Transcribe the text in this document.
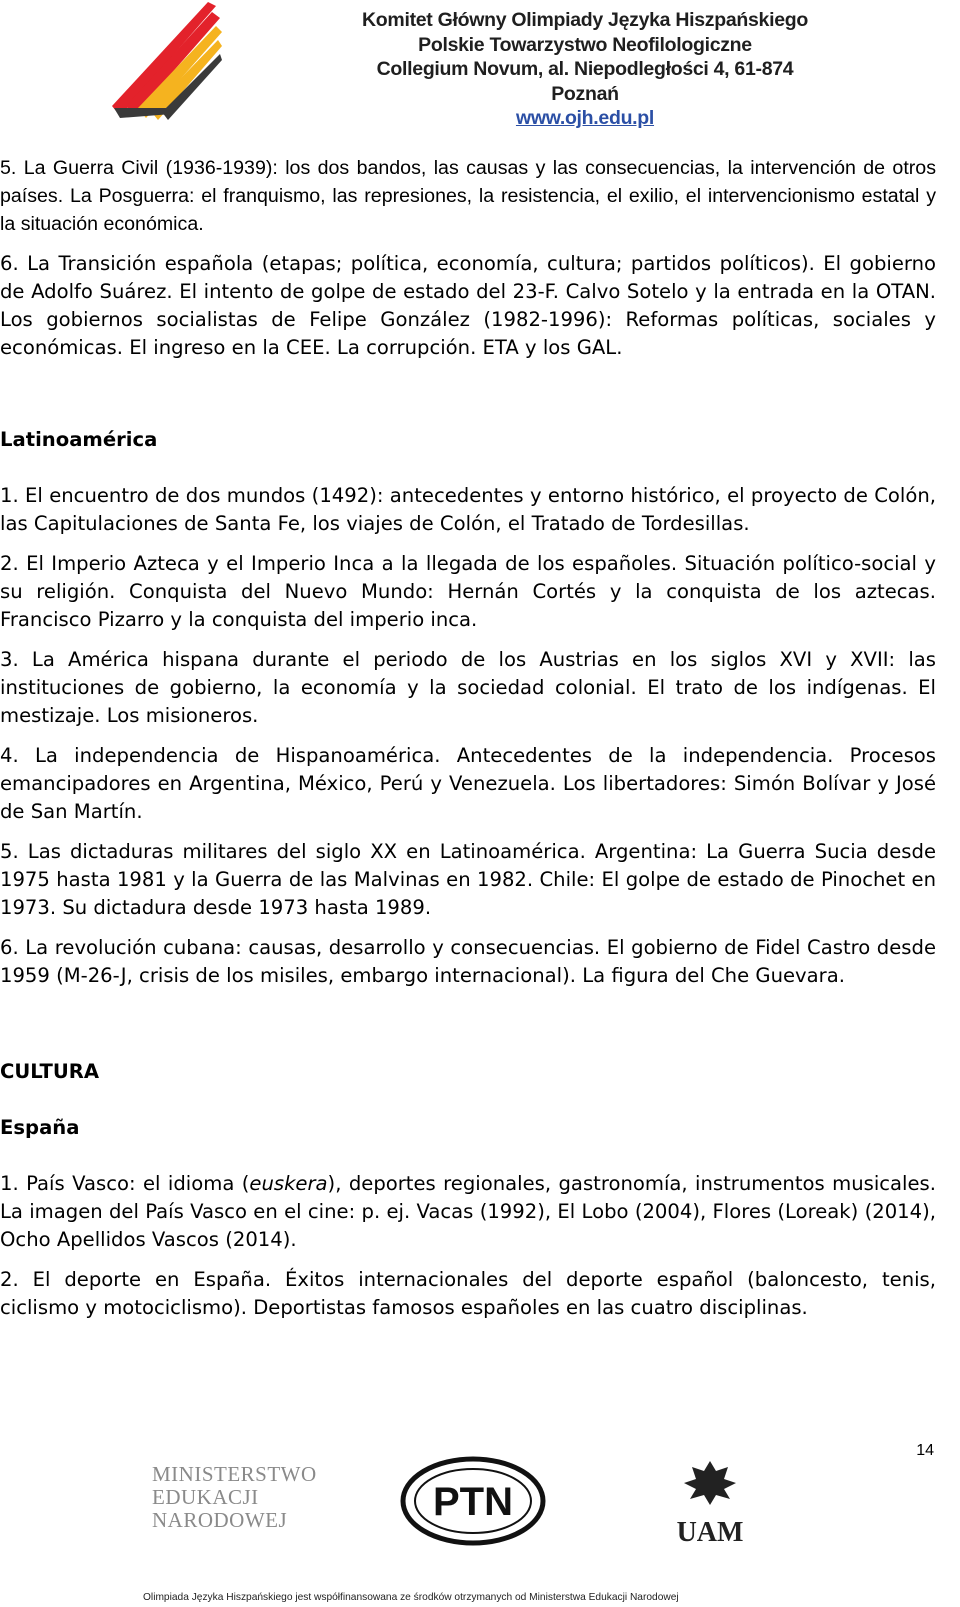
Komitet Główny Olimpiady Języka Hiszpańskiego
Polskie Towarzystwo Neofilologiczne
Collegium Novum, al. Niepodległości 4, 61-874 Poznań
www.ojh.edu.pl

5. La Guerra Civil (1936-1939): los dos bandos, las causas y las consecuencias, la intervención de otros países. La Posguerra: el franquismo, las represiones, la resistencia, el exilio, el intervencionismo estatal y la situación económica.

6. La Transición española (etapas; política, economía, cultura; partidos políticos). El gobierno de Adolfo Suárez. El intento de golpe de estado del 23-F. Calvo Sotelo y la entrada en la OTAN. Los gobiernos socialistas de Felipe González (1982-1996): Reformas políticas, sociales y económicas. El ingreso en la CEE. La corrupción. ETA y los GAL.

Latinoamérica

1. El encuentro de dos mundos (1492): antecedentes y entorno histórico, el proyecto de Colón, las Capitulaciones de Santa Fe, los viajes de Colón, el Tratado de Tordesillas.

2. El Imperio Azteca y el Imperio Inca a la llegada de los españoles. Situación político-social y su religión. Conquista del Nuevo Mundo: Hernán Cortés y la conquista de los aztecas. Francisco Pizarro y la conquista del imperio inca.

3. La América hispana durante el periodo de los Austrias en los siglos XVI y XVII: las instituciones de gobierno, la economía y la sociedad colonial. El trato de los indígenas. El mestizaje. Los misioneros.

4. La independencia de Hispanoamérica. Antecedentes de la independencia. Procesos emancipadores en Argentina, México, Perú y Venezuela. Los libertadores: Simón Bolívar y José de San Martín.

5. Las dictaduras militares del siglo XX en Latinoamérica. Argentina: La Guerra Sucia desde 1975 hasta 1981 y la Guerra de las Malvinas en 1982. Chile: El golpe de estado de Pinochet en 1973. Su dictadura desde 1973 hasta 1989.

6. La revolución cubana: causas, desarrollo y consecuencias. El gobierno de Fidel Castro desde 1959 (M-26-J, crisis de los misiles, embargo internacional). La figura del Che Guevara.

CULTURA

España

1. País Vasco: el idioma (euskera), deportes regionales, gastronomía, instrumentos musicales. La imagen del País Vasco en el cine: p. ej. Vacas (1992), El Lobo (2004), Flores (Loreak) (2014), Ocho Apellidos Vascos (2014).

2. El deporte en España. Éxitos internacionales del deporte español (baloncesto, tenis, ciclismo y motociclismo). Deportistas famosos españoles en las cuatro disciplinas.

14
MINISTERSTWO
EDUKACJI
NARODOWEJ	PTN
UAM
Olimpiada Języka Hiszpańskiego jest współfinansowana ze środków otrzymanych od Ministerstwa Edukacji Narodowej
